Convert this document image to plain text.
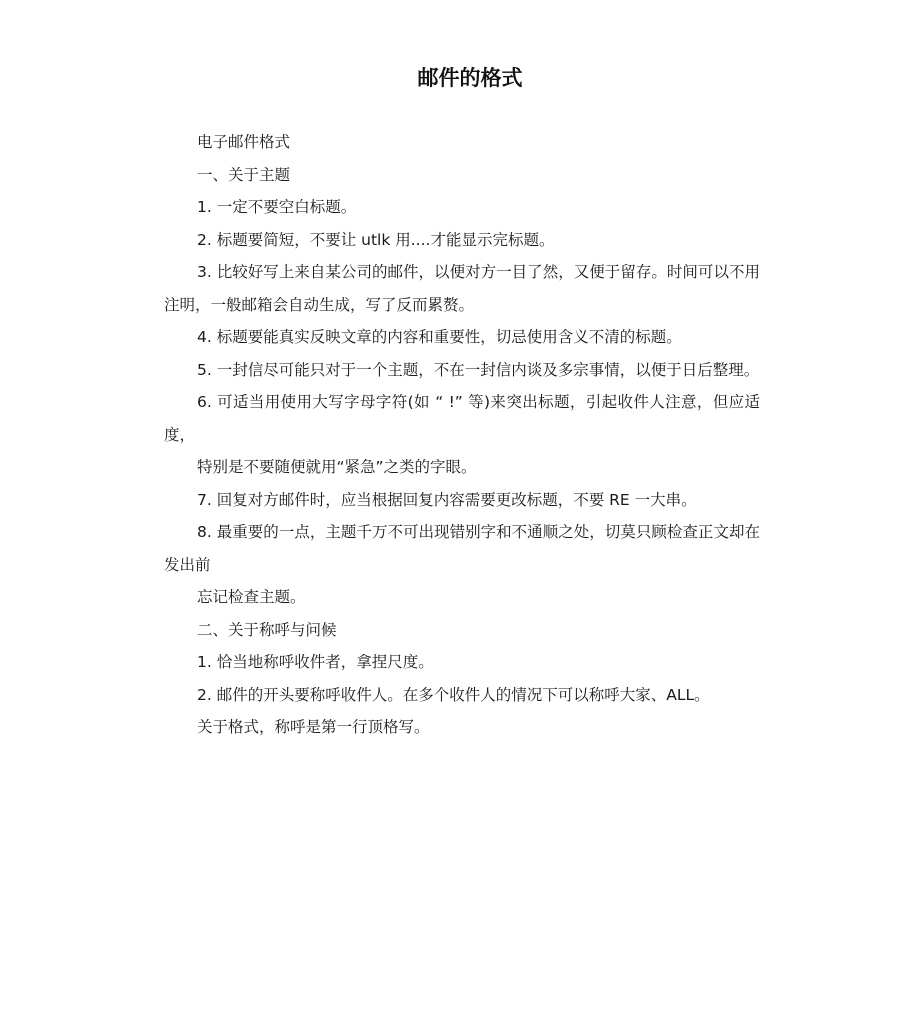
邮件的格式

电子邮件格式

一、关于主题

1. 一定不要空白标题。

2. 标题要简短，不要让 utlk 用....才能显示完标题。

3. 比较好写上来自某公司的邮件，以便对方一目了然，又便于留存。时间可以不用注明，一般邮箱会自动生成，写了反而累赘。

4. 标题要能真实反映文章的内容和重要性，切忌使用含义不清的标题。

5. 一封信尽可能只对于一个主题，不在一封信内谈及多宗事情，以便于日后整理。

6. 可适当用使用大写字母字符(如 “ !” 等)来突出标题，引起收件人注意，但应适度，

特别是不要随便就用“紧急”之类的字眼。

7. 回复对方邮件时，应当根据回复内容需要更改标题，不要 RE 一大串。

8. 最重要的一点，主题千万不可出现错别字和不通顺之处，切莫只顾检查正文却在发出前

忘记检查主题。

二、关于称呼与问候

1. 恰当地称呼收件者，拿捏尺度。

2. 邮件的开头要称呼收件人。在多个收件人的情况下可以称呼大家、ALL。

关于格式，称呼是第一行顶格写。
